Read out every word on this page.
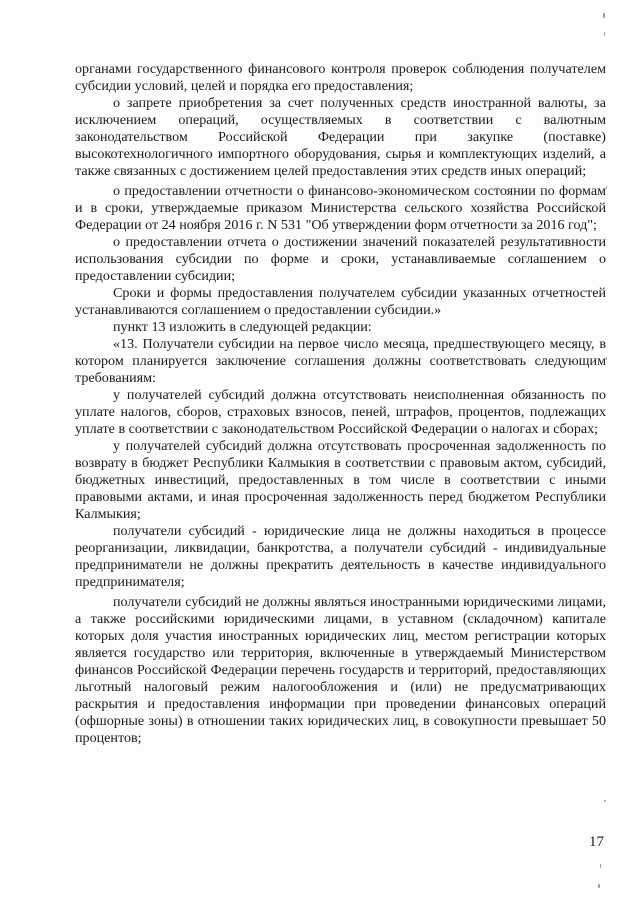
органами государственного финансового контроля проверок соблюдения получателем субсидии условий, целей и порядка его предоставления;

о запрете приобретения за счет полученных средств иностранной валюты, за исключением операций, осуществляемых в соответствии с валютным законодательством Российской Федерации при закупке (поставке) высокотехнологичного импортного оборудования, сырья и комплектующих изделий, а также связанных с достижением целей предоставления этих средств иных операций;

о предоставлении отчетности о финансово-экономическом состоянии по формам и в сроки, утверждаемые приказом Министерства сельского хозяйства Российской Федерации от 24 ноября 2016 г. N 531 "Об утверждении форм отчетности за 2016 год";

о предоставлении отчета о достижении значений показателей результативности использования субсидии по форме и сроки, устанавливаемые соглашением о предоставлении субсидии;

Сроки и формы предоставления получателем субсидии указанных отчетностей устанавливаются соглашением о предоставлении субсидии.»

пункт 13 изложить в следующей редакции:

«13. Получатели субсидии на первое число месяца, предшествующего месяцу, в котором планируется заключение соглашения должны соответствовать следующим требованиям:

у получателей субсидий должна отсутствовать неисполненная обязанность по уплате налогов, сборов, страховых взносов, пеней, штрафов, процентов, подлежащих уплате в соответствии с законодательством Российской Федерации о налогах и сборах;

у получателей субсидий должна отсутствовать просроченная задолженность по возврату в бюджет Республики Калмыкия в соответствии с правовым актом, субсидий, бюджетных инвестиций, предоставленных в том числе в соответствии с иными правовыми актами, и иная просроченная задолженность перед бюджетом Республики Калмыкия;

получатели субсидий - юридические лица не должны находиться в процессе реорганизации, ликвидации, банкротства, а получатели субсидий - индивидуальные предприниматели не должны прекратить деятельность в качестве индивидуального предпринимателя;

получатели субсидий не должны являться иностранными юридическими лицами, а также российскими юридическими лицами, в уставном (складочном) капитале которых доля участия иностранных юридических лиц, местом регистрации которых является государство или территория, включенные в утверждаемый Министерством финансов Российской Федерации перечень государств и территорий, предоставляющих льготный налоговый режим налогообложения и (или) не предусматривающих раскрытия и предоставления информации при проведении финансовых операций (офшорные зоны) в отношении таких юридических лиц, в совокупности превышает 50 процентов;

17
